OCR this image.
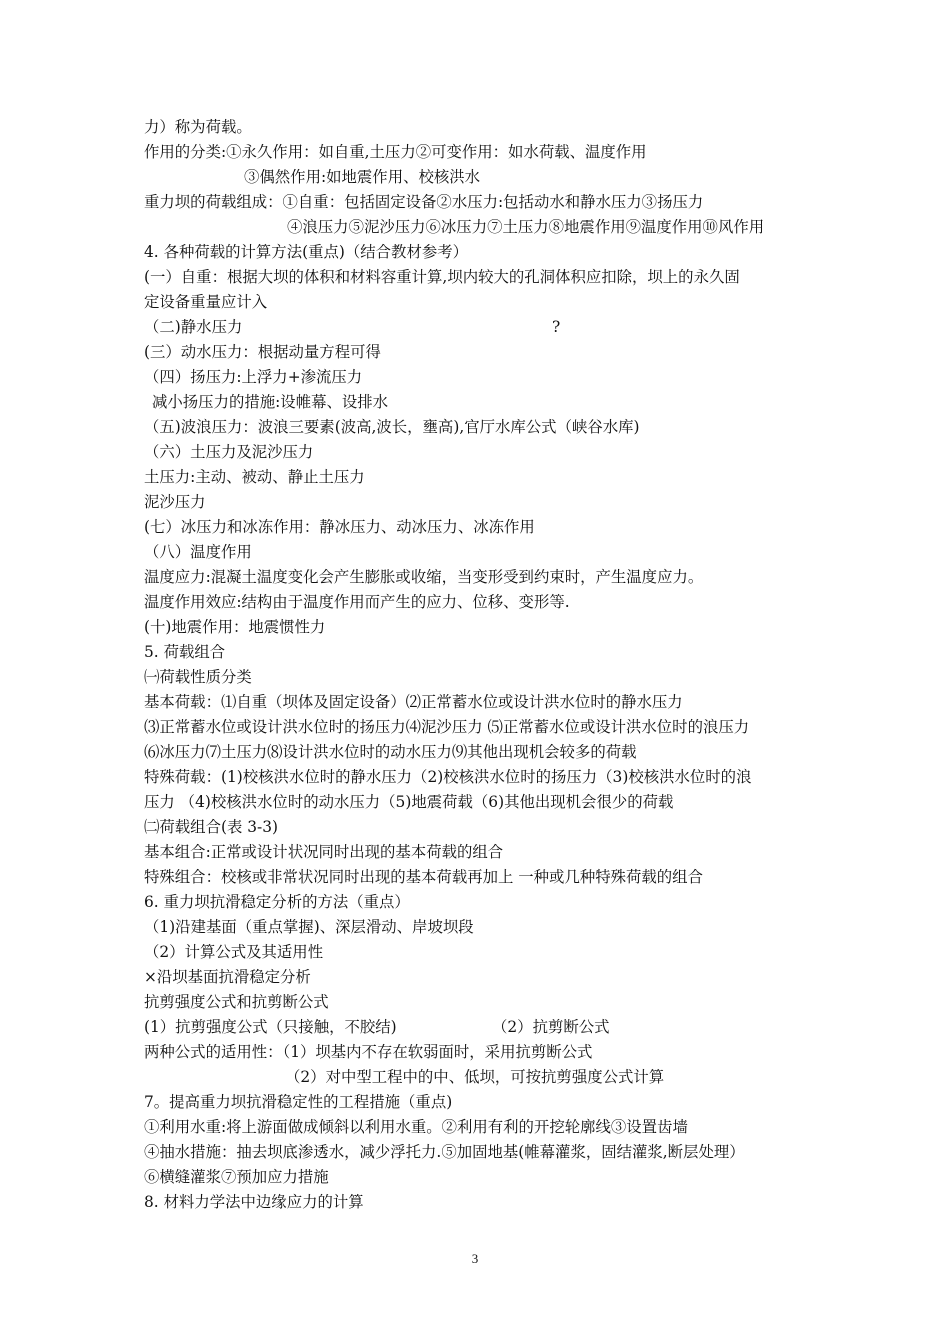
力）称为荷载。
作用的分类:①永久作用：如自重,土压力②可变作用：如水荷载、温度作用
③偶然作用:如地震作用、校核洪水
重力坝的荷载组成：①自重：包括固定设备②水压力:包括动水和静水压力③扬压力
④浪压力⑤泥沙压力⑥冰压力⑦土压力⑧地震作用⑨温度作用⑩风作用
4. 各种荷载的计算方法(重点)（结合教材参考）
(一）自重：根据大坝的体积和材料容重计算,坝内较大的孔洞体积应扣除，坝上的永久固
定设备重量应计入
（二)静水压力	?
(三）动水压力：根据动量方程可得
（四）扬压力:上浮力+渗流压力
减小扬压力的措施:设帷幕、设排水
（五)波浪压力：波浪三要素(波高,波长，壅高),官厅水库公式（峡谷水库)
（六）土压力及泥沙压力
土压力:主动、被动、静止土压力
泥沙压力
(七）冰压力和冰冻作用：静冰压力、动冰压力、冰冻作用
（八）温度作用
温度应力:混凝土温度变化会产生膨胀或收缩，当变形受到约束时，产生温度应力。
温度作用效应:结构由于温度作用而产生的应力、位移、变形等.
(十)地震作用：地震惯性力
5. 荷载组合
㈠荷载性质分类
基本荷载：⑴自重（坝体及固定设备）⑵正常蓄水位或设计洪水位时的静水压力
⑶正常蓄水位或设计洪水位时的扬压力⑷泥沙压力 ⑸正常蓄水位或设计洪水位时的浪压力
⑹冰压力⑺土压力⑻设计洪水位时的动水压力⑼其他出现机会较多的荷载
特殊荷载：(1)校核洪水位时的静水压力（2)校核洪水位时的扬压力（3)校核洪水位时的浪
压力 （4)校核洪水位时的动水压力（5)地震荷载（6)其他出现机会很少的荷载
㈡荷载组合(表 3-3)
基本组合:正常或设计状况同时出现的基本荷载的组合
特殊组合：校核或非常状况同时出现的基本荷载再加上 一种或几种特殊荷载的组合
6. 重力坝抗滑稳定分析的方法（重点）
（1)沿建基面（重点掌握)、深层滑动、岸坡坝段
（2）计算公式及其适用性
×沿坝基面抗滑稳定分析
抗剪强度公式和抗剪断公式
(1）抗剪强度公式（只接触，不胶结)	（2）抗剪断公式
两种公式的适用性：（1）坝基内不存在软弱面时，采用抗剪断公式
（2）对中型工程中的中、低坝，可按抗剪强度公式计算
7。提高重力坝抗滑稳定性的工程措施（重点)
①利用水重:将上游面做成倾斜以利用水重。②利用有利的开挖轮廓线③设置齿墙
④抽水措施：抽去坝底渗透水，减少浮托力.⑤加固地基(帷幕灌浆，固结灌浆,断层处理）
⑥横缝灌浆⑦预加应力措施
8. 材料力学法中边缘应力的计算
3
